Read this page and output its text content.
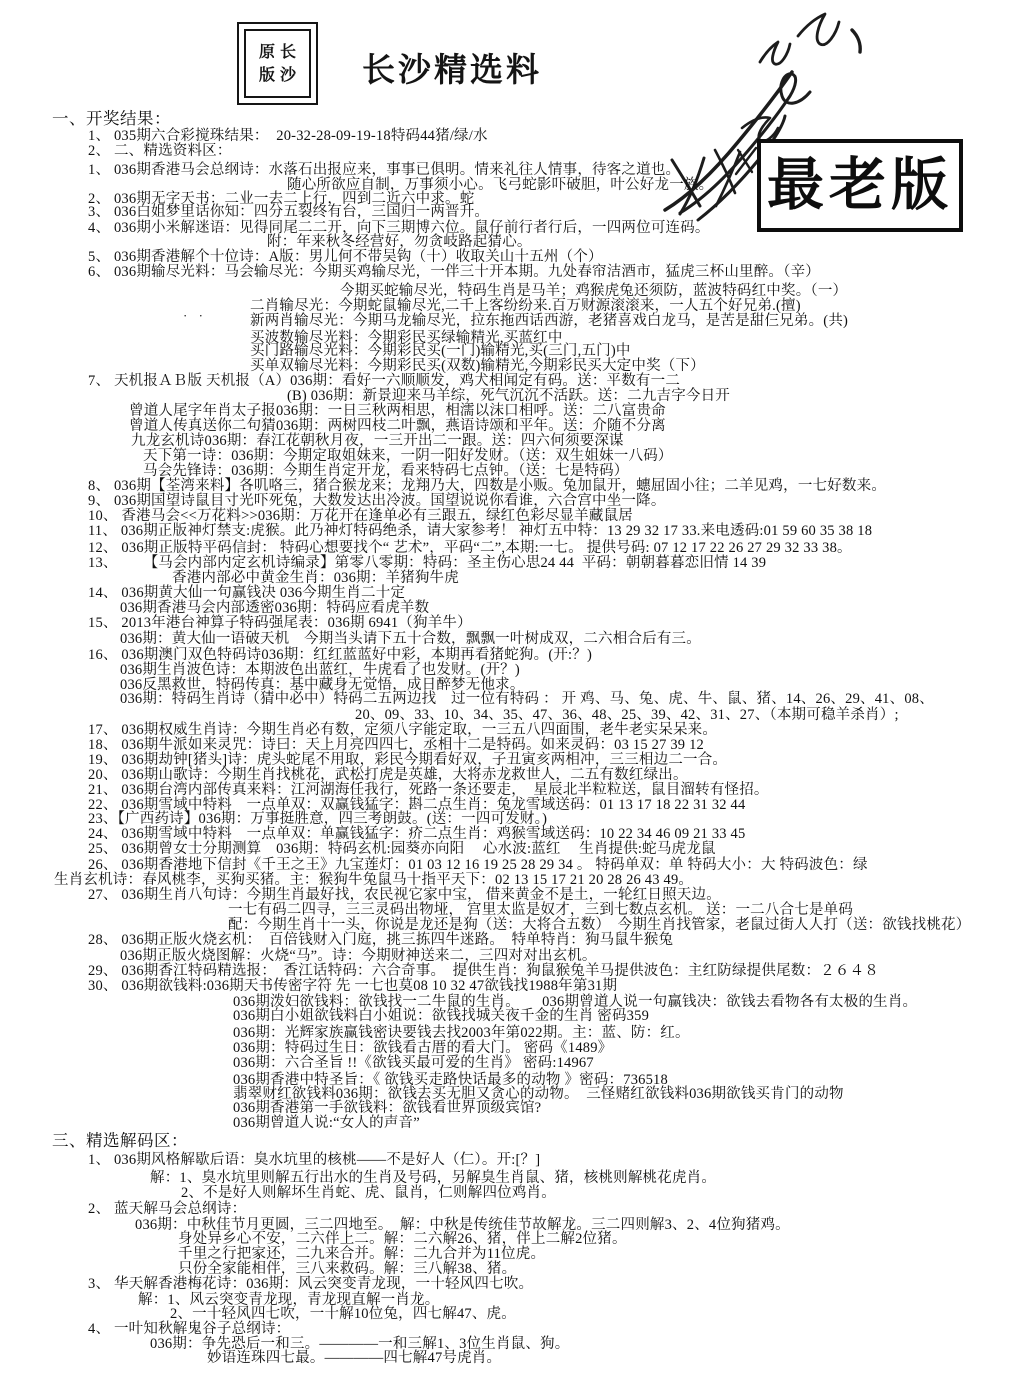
原长
版沙 长沙精选料
最老版
一、开奖结果：
1、 035期六合彩搅珠结果：  20-32-28-09-19-18特码44猪/绿/水
2、 二、精选资料区：
1、 036期香港马会总纲诗：水落石出报应来，事事已俱明。情来礼往人情事，待客之道也。
随心所欲应自制，万事须小心。飞弓蛇影吓破胆，叶公好龙一族。
2、 036期无字天书：二业一去二上行，四到二近六中求。蛇
3、 036白姐梦里话你知：四分五裂终有台，三国归一两晋升。
4、 036期小米解迷语：见得同尾二二开，向下三期博六位。鼠仔前行者行后，一四两位可连码。
附：年来秋冬经营好，勿贪岐路起猜心。
5、 036期香港解个十位诗：A版：男儿何不带吴钩（十）收取关山十五州（个）
6、 036期输尽光料：马会输尽光：今期买鸡输尽光，一伴三十开本期。九处春帘洁酒市，猛虎三杯山里醉。（辛）
今期买蛇输尽光，特码生肖是马羊；鸡猴虎兔还须防，蓝波特码红中奖。（一）
二肖输尽光：今期蛇鼠输尽光,二千上客纷纷来.百万财源滚滚来，一人五个好兄弟.(擅)
· ·	新两肖输尽光：今期马龙输尽光，拉东拖西话西游，老猪喜戏白龙马，是苦是甜仨兄弟。(共)
买波数输尽光料：今期彩民买绿输精光,买蓝红中
买门路输尽光料：今期彩民买(一门)输精光,买(三门,五门)中
买单双输尽光料：今期彩民买(双数)输精光,今期彩民买大定中奖（下）
7、 天机报ＡＢ版 天机报（A）036期：看好一六顺顺发，鸡犬相闻定有码。送：平数有一二
(B) 036期：新景迎来马羊综，死气沉沉不活跃。送：二九吉字今日开
曾道人尾字年肖太子报036期：一日三秋两相思，相濡以沫口相呼。送：二八富贵命
曾道人传真送你二句猜036期：两树四枝二叶飘，燕语诗颂和平年。送：介随不分离
九龙玄机诗036期：春江花朝秋月夜，一三开出二一跟。送：四六何须要深谋
天下第一诗：036期：今期定取姐妹来，一阴一阳好发财。（送：双生姐妹一八码）
马会先锋诗：036期：今期生肖定开龙，看来特码七点钟。（送：七是特码）
8、 036期【荃湾来料】各叽咯三，猪合猴龙来；龙翔乃大，四数是小贩。兔加鼠开，蟪屈固小往；二羊见鸡，一七好数来。
9、 036期国望诗鼠目寸光吓死兔，大数发达出冷波。国望说说你看谁，六合宫中坐一降。
10、 香港马会<<万花料>>036期：万花开在逢单必有三跟五，绿红色彩尽显羊藏鼠居
11、 036期正版神灯禁支:虎猴。此乃神灯特码绝杀，请大家参考！ 神灯五中特：13 29 32 17 33.来电透码:01 59 60 35 38 18
12、 036期正版特平码信封： 特码心想要找个“ 艺术”，平码“二”,本期:一七。 提供号码: 07 12 17 22 26 27 29 32 33 38。
13、　　 【马会内部内定玄机诗编录】第零八零期：特码：圣主伤心思24 44  平码：朝朝暮暮恋旧情 14 39
香港内部必中黄金生肖：036期：羊猪狗牛虎
14、 036期黄大仙一句赢钱决 036今期生肖二十定
036期香港马会内部透密036期：特码应看虎羊数
15、 2013年港台神算子特码强尾表：036期 6941（狗羊牛）
036期：黄大仙一语破天机　今期当头请下五十合数，飘飘一叶树成双，二六相合后有三。
16、 036期澳门双色特码诗036期：红红蓝蓝好中彩，本期再看猪蛇狗。(开:？)
036期生肖波色诗：本期波色出蓝红，牛虎看了也发财。(开？)
036反黑救世，特码传真：基中藏身无觉悟，成日醉梦无他求。
036期：特码生肖诗（猜中必中）特码二五两边找　过一位有特码 ： 开 鸡、马、兔、虎、牛、鼠、猪、14、26、29、41、08、
20、09、33、10、34、35、47、36、48、25、39、42、31、27、（本期可稳羊杀肖）;
17、 036期权威生肖诗：今期生肖必有数，定须八字能定取，一三五八四面围，老牛老实呆呆来。
18、 036期牛派如来灵咒：诗曰：天上月亮四四七，丞相十二是特码。如来灵码：03 15 27 39 12
19、 036期劫钟[猪头]诗：虎头蛇尾不用取，彩民今期看好双，子丑寅亥两相冲，三三相边二一合。
20、 036期山歌诗：今期生肖找桃花，武松打虎是英雄，大将赤龙救世人，二五有数红绿出。
21、 036期台湾内部传真来料：江河湖海任我行，死路一条还要走，　星辰北半粒粒送，鼠目溜转有怪招。
22、 036期雪域中特料　一点单双：双赢钱猛字：斟二点生肖：兔龙雪域送码：01 13 17 18 22 31 32 44
23、【广西药诗】036期：万事挺胜意，四三考朗鼓。(送：一四可发财。)
24、 036期雪域中特料　一点单双：单赢钱猛字：疥二点生肖：鸡猴雪域送码：10 22 34 46 09 21 33 45
25、 036期曾女士分期测算　036期：特码玄机:园葵亦向阳　 心水波:蓝红　 生肖提供:蛇马虎龙鼠
26、 036期香港地下信封《千王之王》九宝莲灯：01 03 12 16 19 25 28 29 34 。 特码单双：单 特码大小：大 特码波色：绿
生肖玄机诗：春风桃李，买狗买猪。主：猴狗牛兔鼠马十指平天下：02 13 15 17 21 20 28 26 43 49。
27、 036期生肖八句诗：今期生肖最好找，农民视它家中宝， 借来黄金不是土，一轮红日照天边。
一七有码二四寻，三三灵码出物垭， 宫里太监是奴才，三到七数点玄机。 送：一二八合七是单码
配：今期生肖十一头，你说是龙还是狗（送：大将合五数）　今期生肖找管家，老鼠过街人人打（送：欲钱找桃花）
28、 036期正版火烧玄机：　百倍钱财入门庭，挑三拣四牛迷路。　特单特肖：狗马鼠牛猴兔
036期正版火烧图解：火烧“马”。诗：今期财神送来二，三四对对出玄机。
29、 036期香江特码精选报：　香江话特码：六合奇事。　提供生肖：狗鼠猴兔羊马提供波色：主红防绿提供尾数：２６４８
30、 036期欲钱料:036期天书传密字符 先 一七也莫08 10 32 47欲钱找1988年第31期
036期泼妇欲钱料：欲钱找一二牛鼠的生肖。　　036期曾道人说一句赢钱决：欲钱去看物各有太极的生肖。
036期白小姐欲钱料白小姐说：欲钱找城关夜千金的生肖 密码359
036期：光辉家族赢钱密诀要钱去找2003年第022期。主：蓝、防：红。
036期：特码过生日：欲钱看古厝的看大门。 密码《1489》
036期：六合圣旨 !!《欲钱买最可爱的生肖》 密码:14967
036期香港中特圣旨：《 欲钱买走路快话最多的动物 》密码：736518
翡翠财红欲钱料036期：欲钱去买无胆又贪心的动物。　三怪赌红欲钱料036期欲钱买肯门的动物
036期香港第一手欲钱料：欲钱看世界顶级宾馆?
036期曾道人说:“女人的声音”
三、精选解码区：
1、 036期风格解歇后语：臭水坑里的核桃——不是好人（仁）。开:[？]
解：1、臭水坑里则解五行出水的生肖及号码，另解臭生肖鼠、猪，核桃则解桃花虎肖。
2、不是好人则解坏生肖蛇、虎、鼠肖，仁则解四位鸡肖。
2、 蓝天解马会总纲诗：
036期：中秋佳节月更圆，三二四地至。　解：中秋是传统佳节故解龙。三二四则解3、2、4位狗猪鸡。
身处异乡心不安，二六伴上二。解：二六解26、猪，伴上二解2位猪。
千里之行把家还，二九来合并。解：二九合并为11位虎。
只份全家能相伴，三八来救码。解：三八解38、猪。
3、 华天解香港梅花诗：036期：风云突变青龙现，一十轻风四七吹。
解：1、风云突变青龙现，青龙现直解一肖龙。
2、一十轻风四七吹，一十解10位兔，四七解47、虎。
4、 一叶知秋解鬼谷子总纲诗：
036期：争先恐后一和三。————一和三解1、3位生肖鼠、狗。
妙语连珠四七最。————四七解47号虎肖。
